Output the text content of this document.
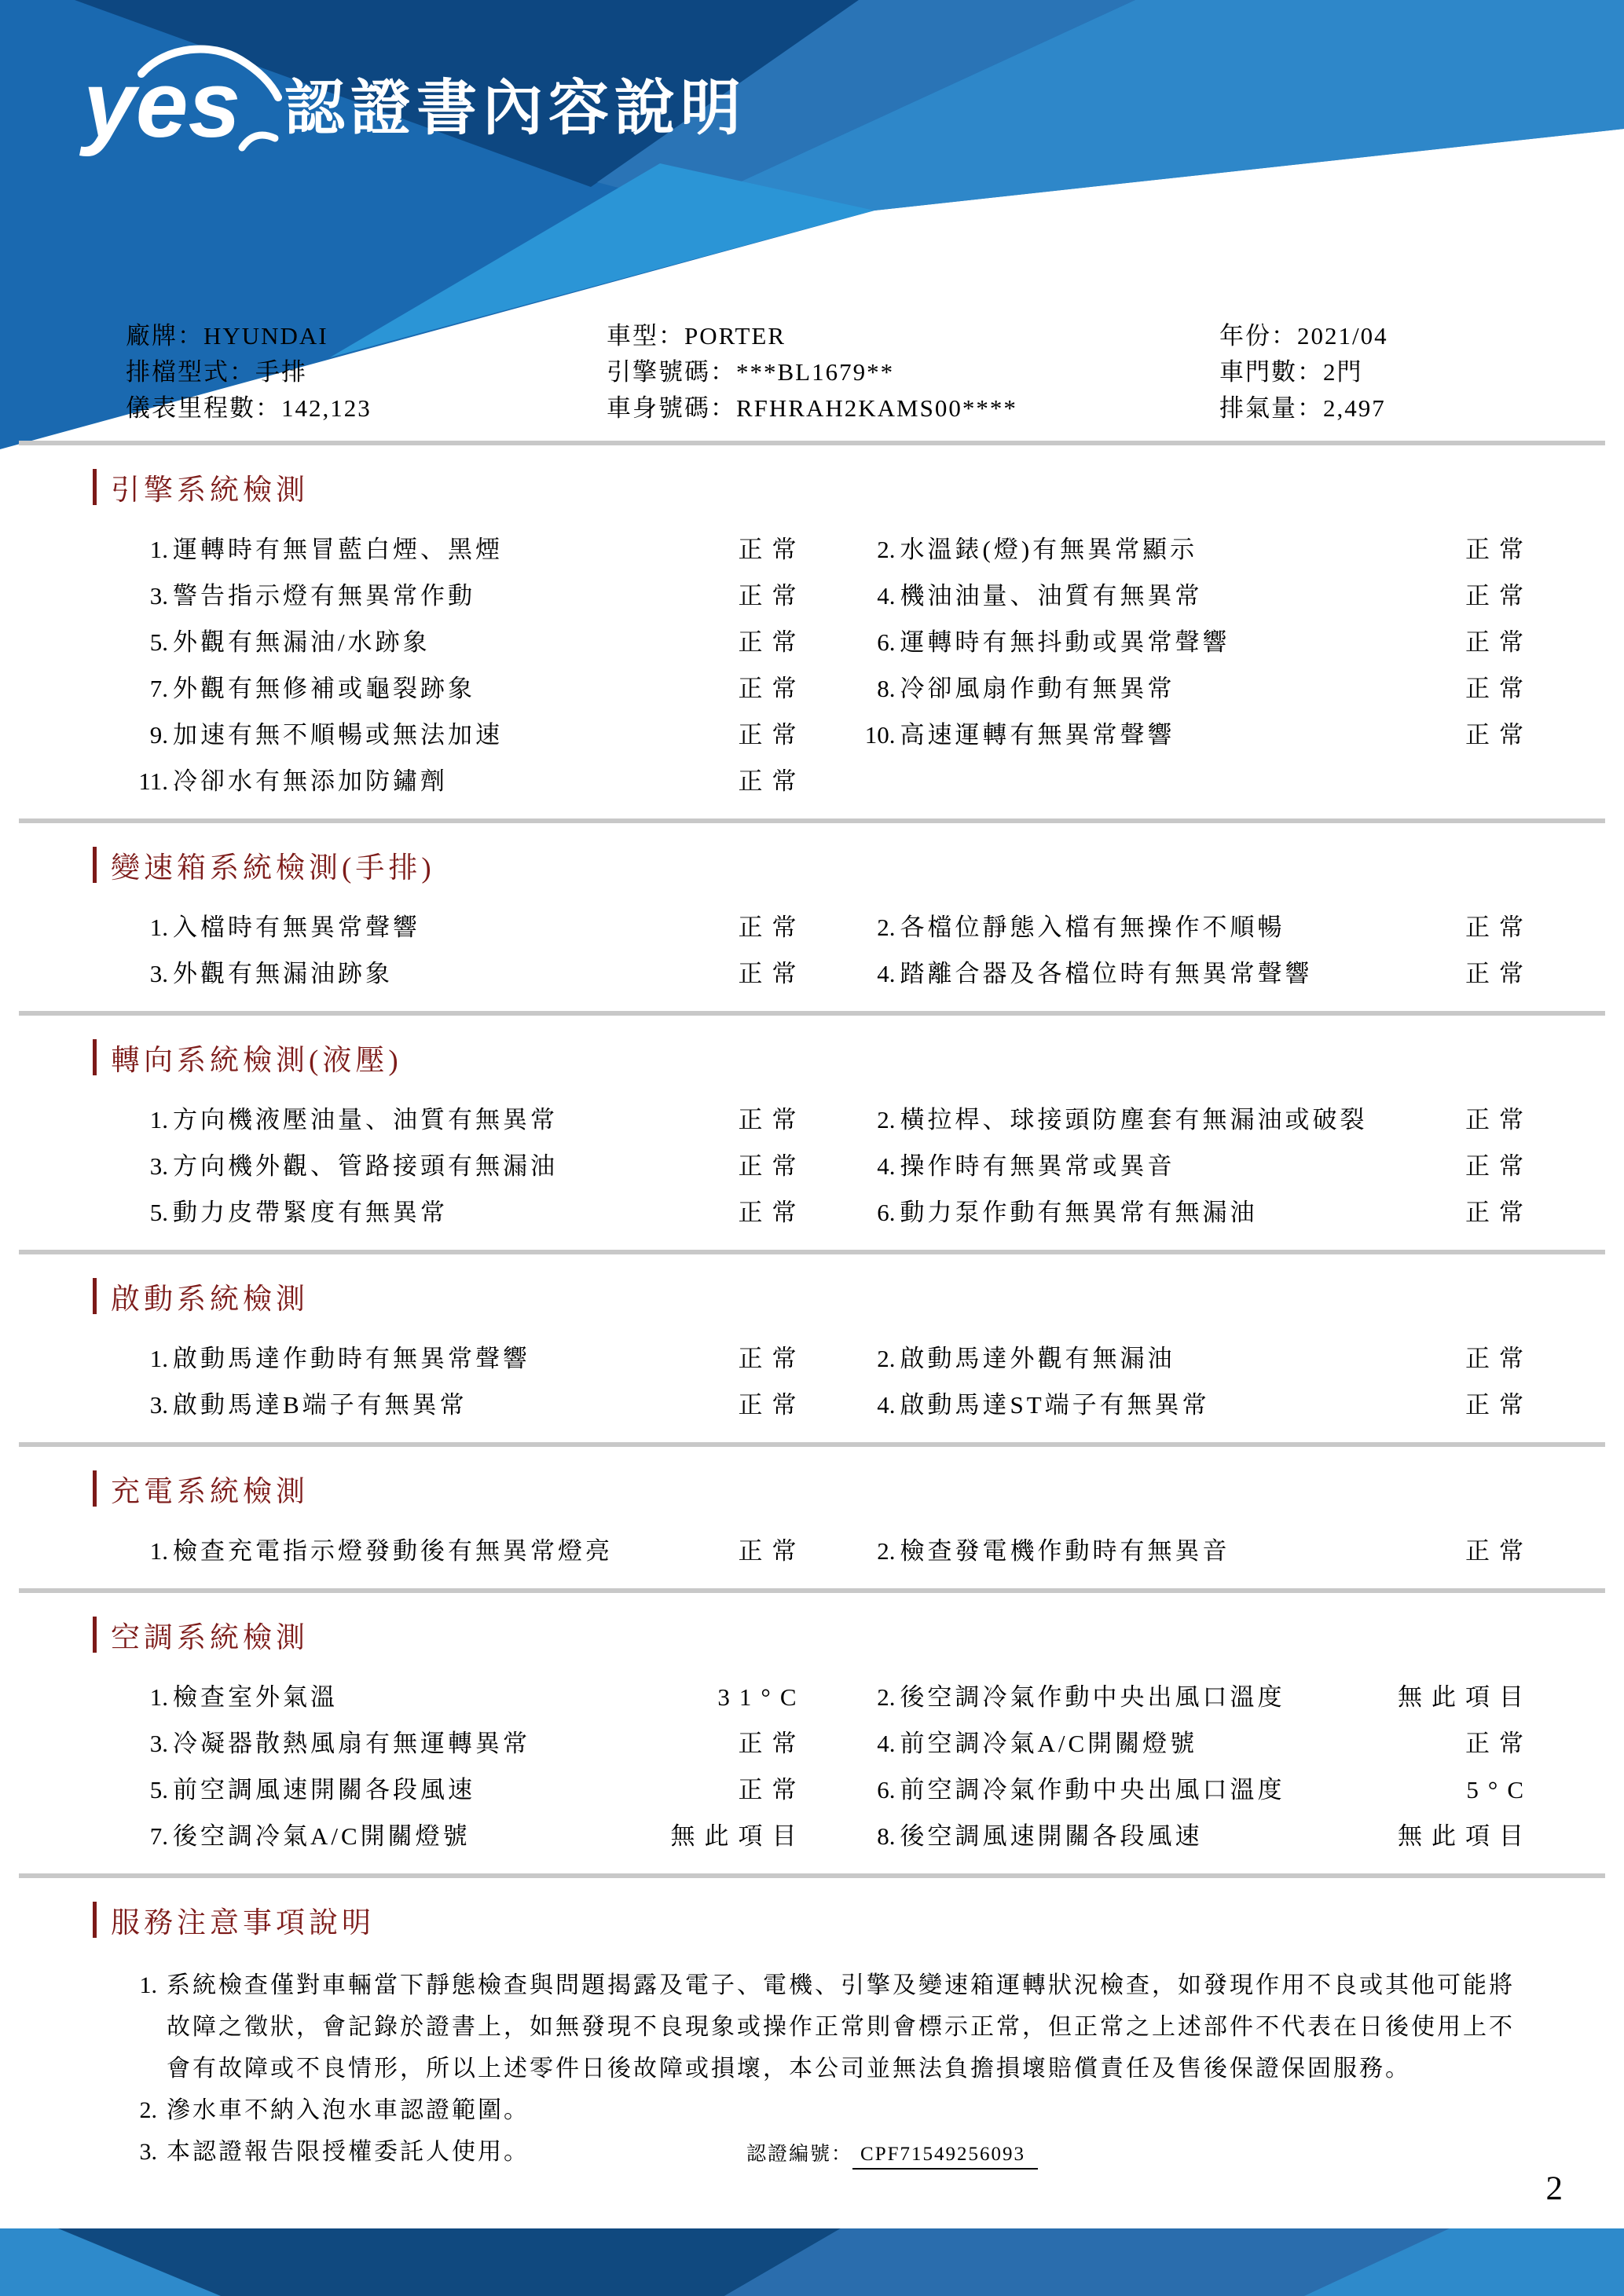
yes 認證書內容說明
廠牌：HYUNDAI	車型：PORTER	年份：2021/04
排檔型式：手排	引擎號碼：***BL1679**	車門數：2門
儀表里程數：142,123	車身號碼：RFHRAH2KAMS00****	排氣量：2,497
引擎系統檢測
1. 運轉時有無冒藍白煙、黑煙	正常	2. 水溫錶(燈)有無異常顯示	正常
3. 警告指示燈有無異常作動	正常	4. 機油油量、油質有無異常	正常
5. 外觀有無漏油/水跡象	正常	6. 運轉時有無抖動或異常聲響	正常
7. 外觀有無修補或龜裂跡象	正常	8. 冷卻風扇作動有無異常	正常
9. 加速有無不順暢或無法加速	正常	10. 高速運轉有無異常聲響	正常
11. 冷卻水有無添加防鏽劑	正常
變速箱系統檢測(手排)
1. 入檔時有無異常聲響	正常	2. 各檔位靜態入檔有無操作不順暢	正常
3. 外觀有無漏油跡象	正常	4. 踏離合器及各檔位時有無異常聲響	正常
轉向系統檢測(液壓)
1. 方向機液壓油量、油質有無異常	正常	2. 橫拉桿、球接頭防塵套有無漏油或破裂	正常
3. 方向機外觀、管路接頭有無漏油	正常	4. 操作時有無異常或異音	正常
5. 動力皮帶緊度有無異常	正常	6. 動力泵作動有無異常有無漏油	正常
啟動系統檢測
1. 啟動馬達作動時有無異常聲響	正常	2. 啟動馬達外觀有無漏油	正常
3. 啟動馬達B端子有無異常	正常	4. 啟動馬達ST端子有無異常	正常
充電系統檢測
1. 檢查充電指示燈發動後有無異常燈亮	正常	2. 檢查發電機作動時有無異音	正常
空調系統檢測
1. 檢查室外氣溫	31°C	2. 後空調冷氣作動中央出風口溫度	無此項目
3. 冷凝器散熱風扇有無運轉異常	正常	4. 前空調冷氣A/C開關燈號	正常
5. 前空調風速開關各段風速	正常	6. 前空調冷氣作動中央出風口溫度	5°C
7. 後空調冷氣A/C開關燈號	無此項目	8. 後空調風速開關各段風速	無此項目
服務注意事項說明
1. 系統檢查僅對車輛當下靜態檢查與問題揭露及電子、電機、引擎及變速箱運轉狀況檢查，如發現作用不良或其他可能將故障之徵狀，會記錄於證書上，如無發現不良現象或操作正常則會標示正常，但正常之上述部件不代表在日後使用上不會有故障或不良情形，所以上述零件日後故障或損壞，本公司並無法負擔損壞賠償責任及售後保證保固服務。
2. 滲水車不納入泡水車認證範圍。
3. 本認證報告限授權委託人使用。	認證編號： CPF71549256093
2
